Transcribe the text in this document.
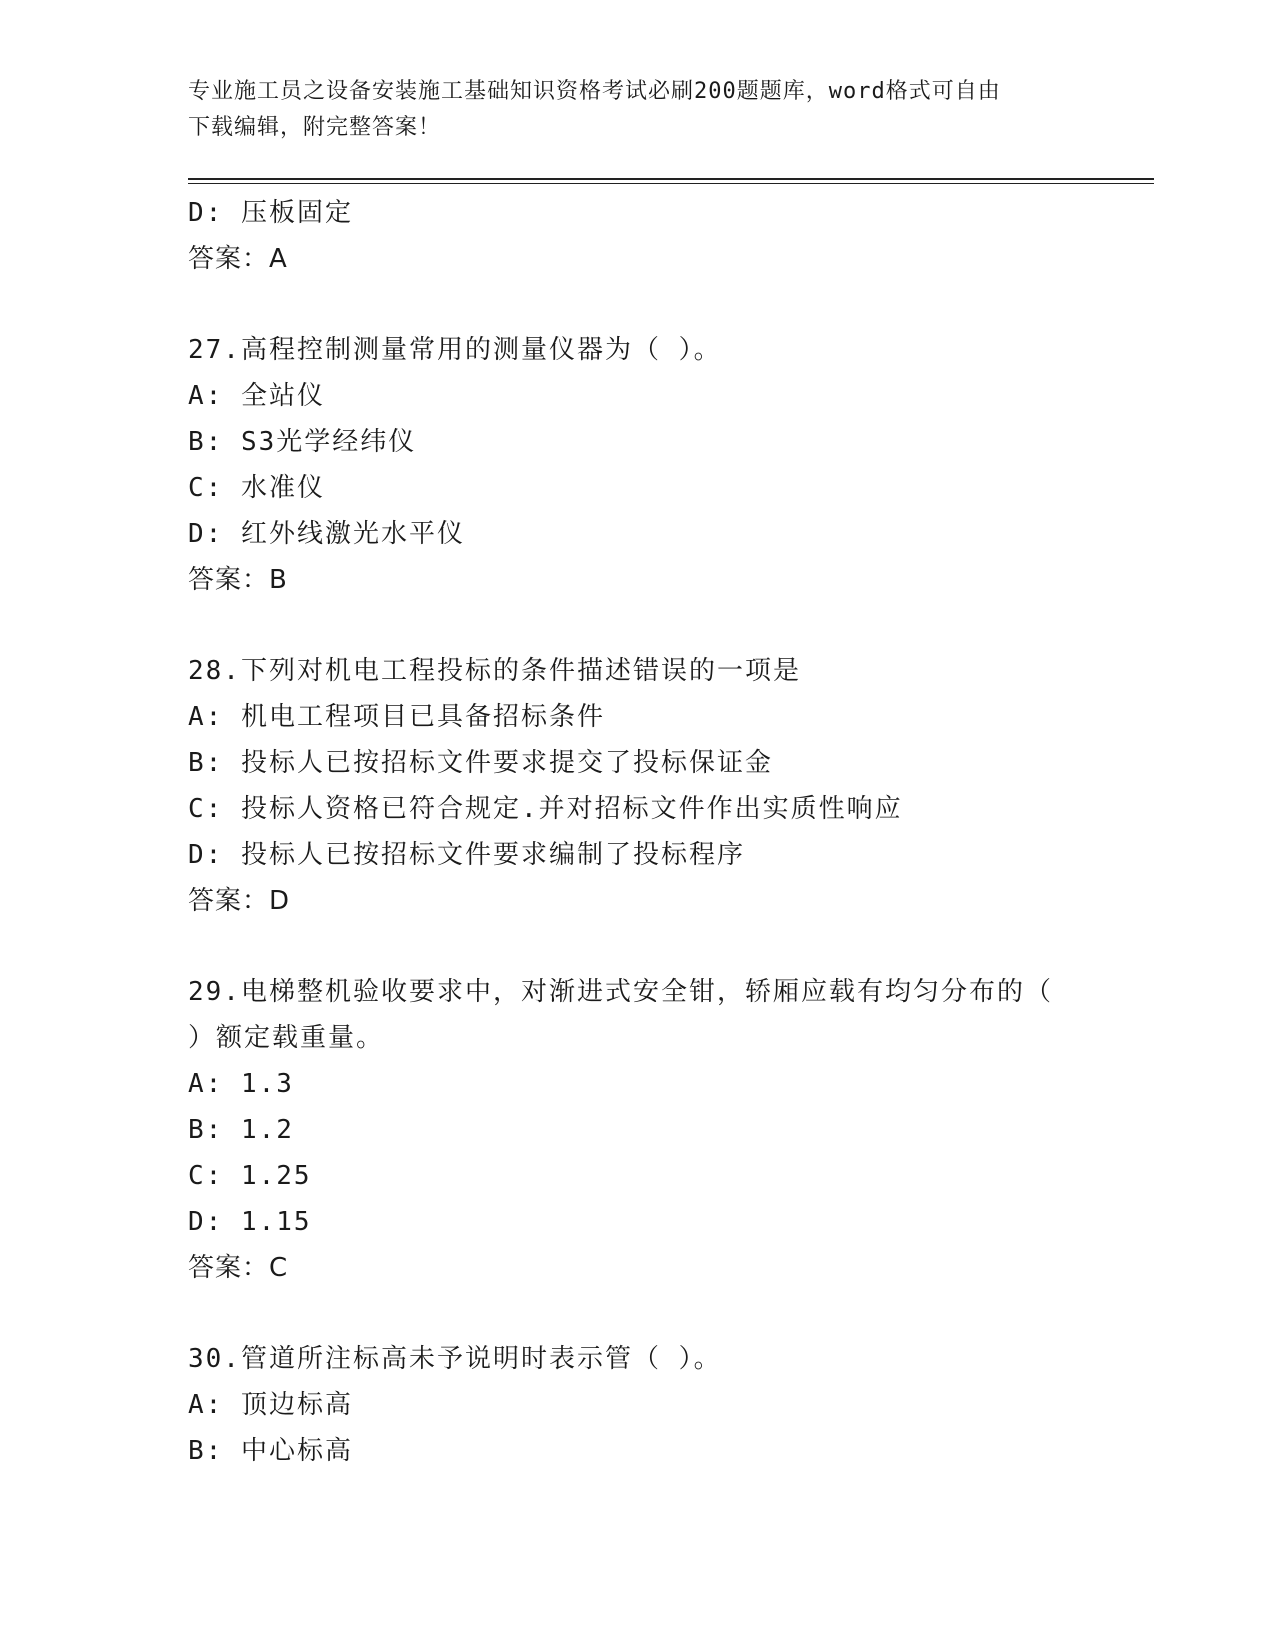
专业施工员之设备安装施工基础知识资格考试必刷200题题库，word格式可自由
下载编辑，附完整答案！
D: 压板固定
答案：A
27.高程控制测量常用的测量仪器为（ ）。
A: 全站仪
B: S3光学经纬仪
C: 水准仪
D: 红外线激光水平仪
答案：B
28.下列对机电工程投标的条件描述错误的一项是
A: 机电工程项目已具备招标条件
B: 投标人已按招标文件要求提交了投标保证金
C: 投标人资格已符合规定.并对招标文件作出实质性响应
D: 投标人已按招标文件要求编制了投标程序
答案：D
29.电梯整机验收要求中，对渐进式安全钳，轿厢应载有均匀分布的（
）额定载重量。
A: 1.3
B: 1.2
C: 1.25
D: 1.15
答案：C
30.管道所注标高未予说明时表示管（ ）。
A: 顶边标高
B: 中心标高
